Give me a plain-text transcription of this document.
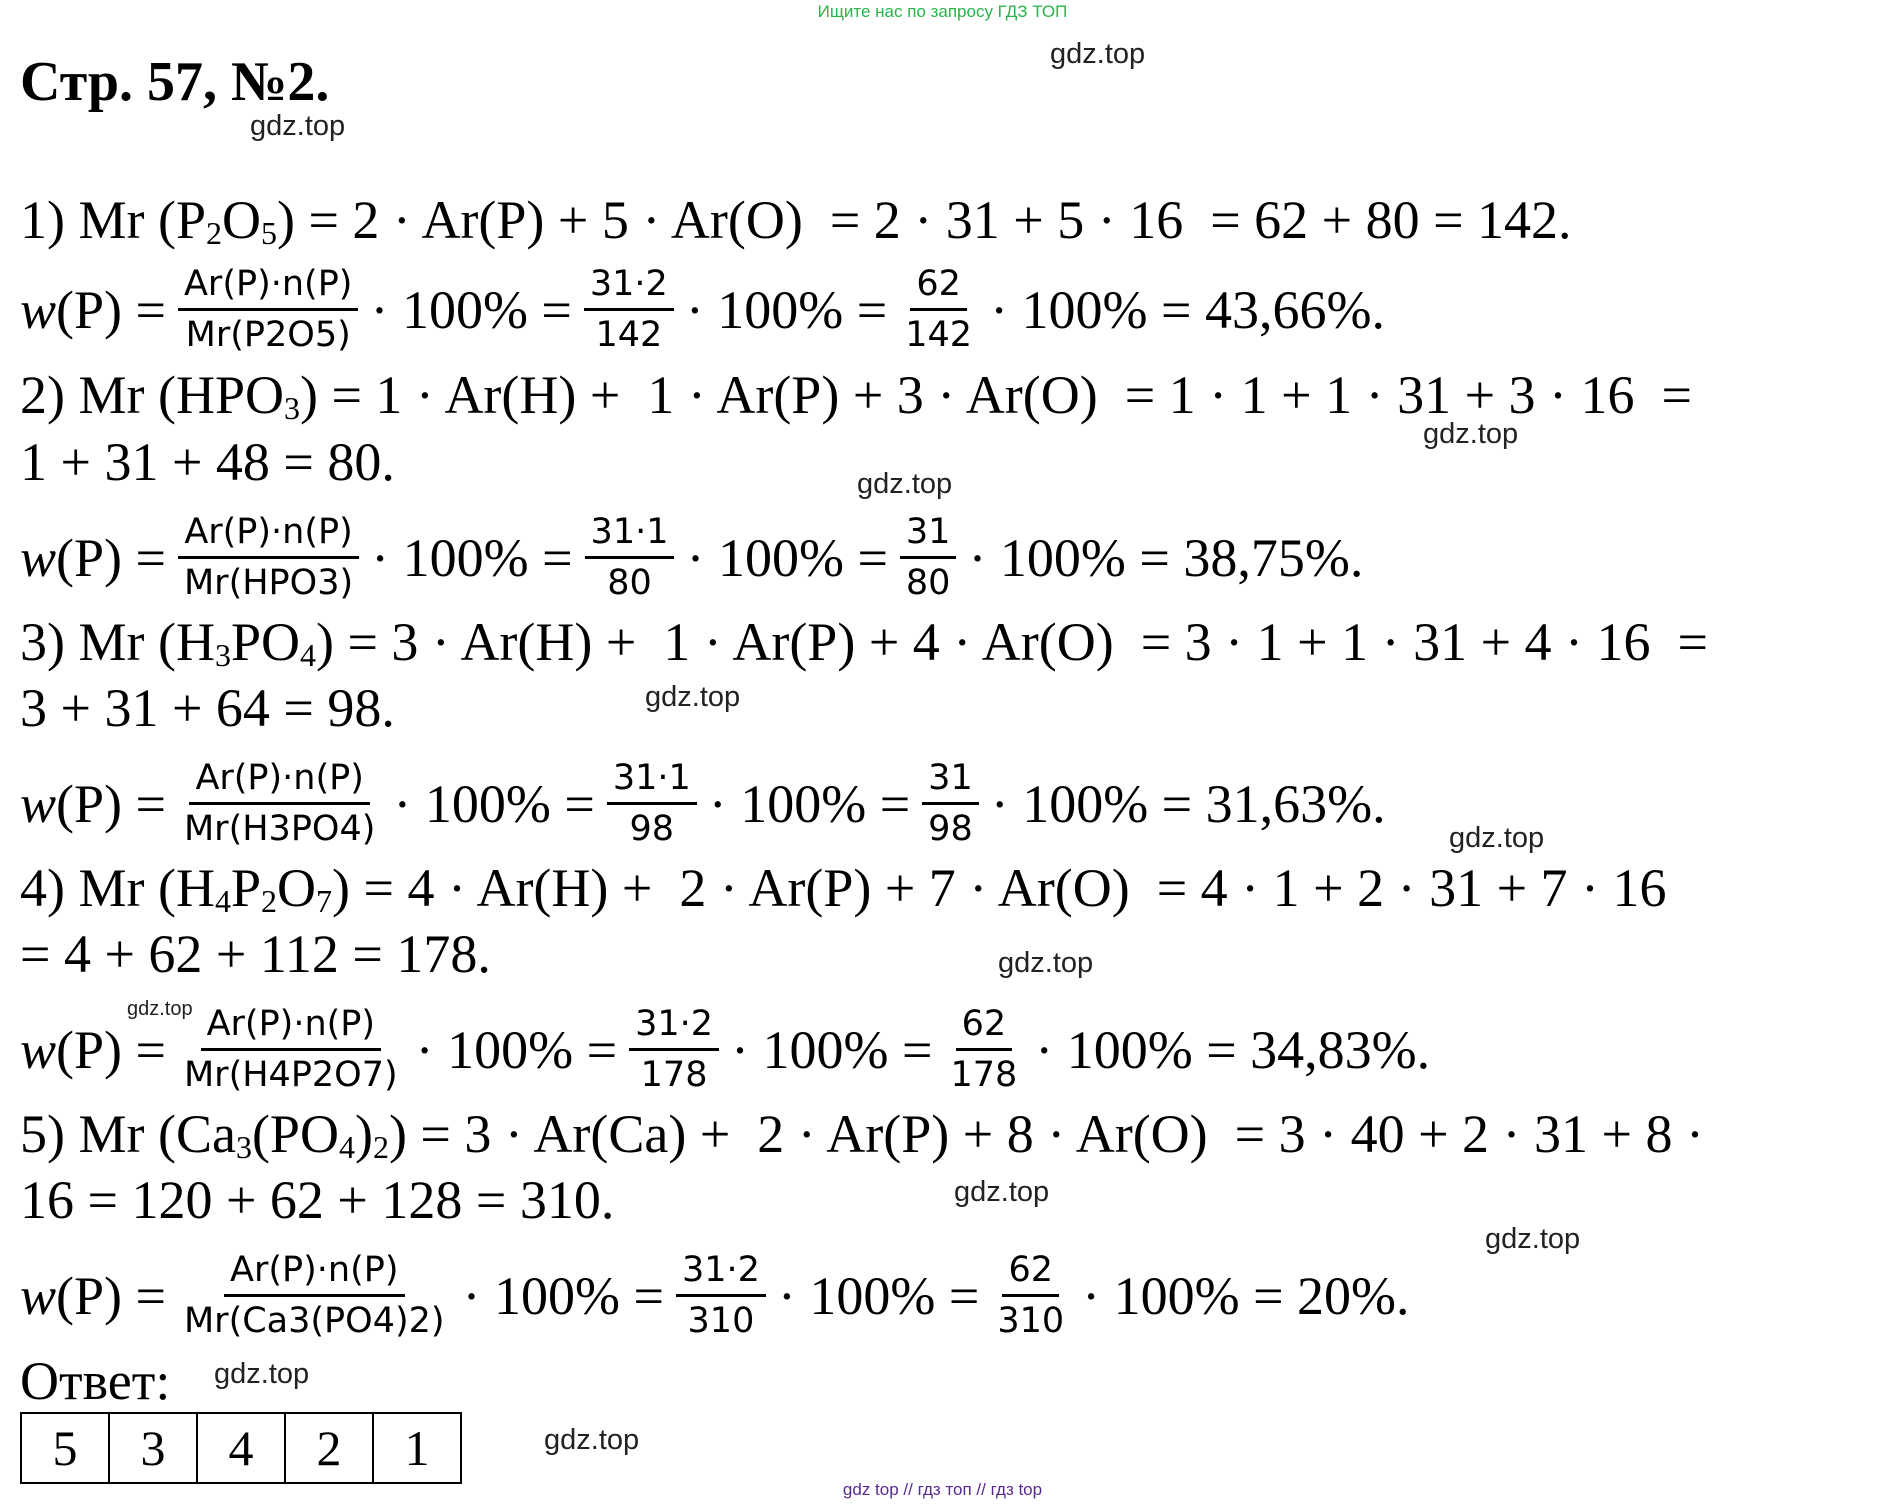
Ищите нас по запросу ГДЗ ТОП
Стр. 57, №2.	gdz.top
gdz.top
gdz.top
gdz.top
gdz.top
gdz.top
gdz.top
gdz.top
gdz.top
gdz.top
gdz.top
gdz.top
1) Mr $(P_2O_5) = 2 \cdot Ar(P) + 5 \cdot Ar(O) = 2 \cdot 31 + 5 \cdot 16 = 62 + 80 = 142$.
w $(P) = \frac{Ar(P)\cdot n(P)}{Mr(P2O5)} \cdot 100\% = \frac{31\cdot 2}{142} \cdot 100\% = \frac{62}{142} \cdot 100\% = 43,66\%$.
2) Mr $(HPO_3) = 1 \cdot Ar(H) + 1 \cdot Ar(P) + 3 \cdot Ar(O) = 1 \cdot 1 + 1 \cdot 31 + 3 \cdot 16$  =
1 + 31 + 48 = 80.
w $(P) = \frac{Ar(P)\cdot n(P)}{\text{Mr(HPO3)}} \cdot 100\% = \frac{31\cdot 1}{80} \cdot 100\% = \frac{31}{80} \cdot 100\% = 38,75\%$.
3) Mr $(H_3PO_4) = 3 \cdot Ar(H) + 1 \cdot Ar(P) + 4 \cdot Ar(O) = 3 \cdot 1 + 1 \cdot 31 + 4 \cdot 16$  =
3 + 31 + 64 = 98.
w $(P) = \frac{Ar(P)\cdot n(P)}{Mr(H3PO4)} \cdot 100\% = \frac{31\cdot 1}{98} \cdot 100\% = \frac{31}{98} \cdot 100\% = 31,63\%$.
4) Mr $(H_4P_2O_7) = 4 \cdot Ar(H) + 2 \cdot Ar(P) + 7 \cdot Ar(O) = 4 \cdot 1 + 2 \cdot 31 + 7 \cdot 16$
= 4 + 62 + 112 = 178.
w $(P) = \frac{Ar(P)\cdot n(P)}{Mr(H4P2O7)} \cdot 100\% = \frac{31\cdot 2}{178} \cdot 100\% = \frac{62}{178} \cdot 100\% = 34,83\%$.
5) Mr $(Ca_3(PO_4)_2) = 3 \cdot Ar(Ca) + 2 \cdot Ar(P) + 8 \cdot Ar(O) = 3 \cdot 40 + 2 \cdot 31 + 8$ ·
16 = 120 + 62 + 128 = 310.
w $(P) = \frac{Ar(P)\cdot n(P)}{Mr(Ca3(PO4)2)} \cdot 100\% = \frac{31\cdot 2}{310} \cdot 100\% = \frac{62}{310} \cdot 100\% = 20\%$.
Ответ:
5	3	4	2	1
gdz top // гдз топ // гдз top
